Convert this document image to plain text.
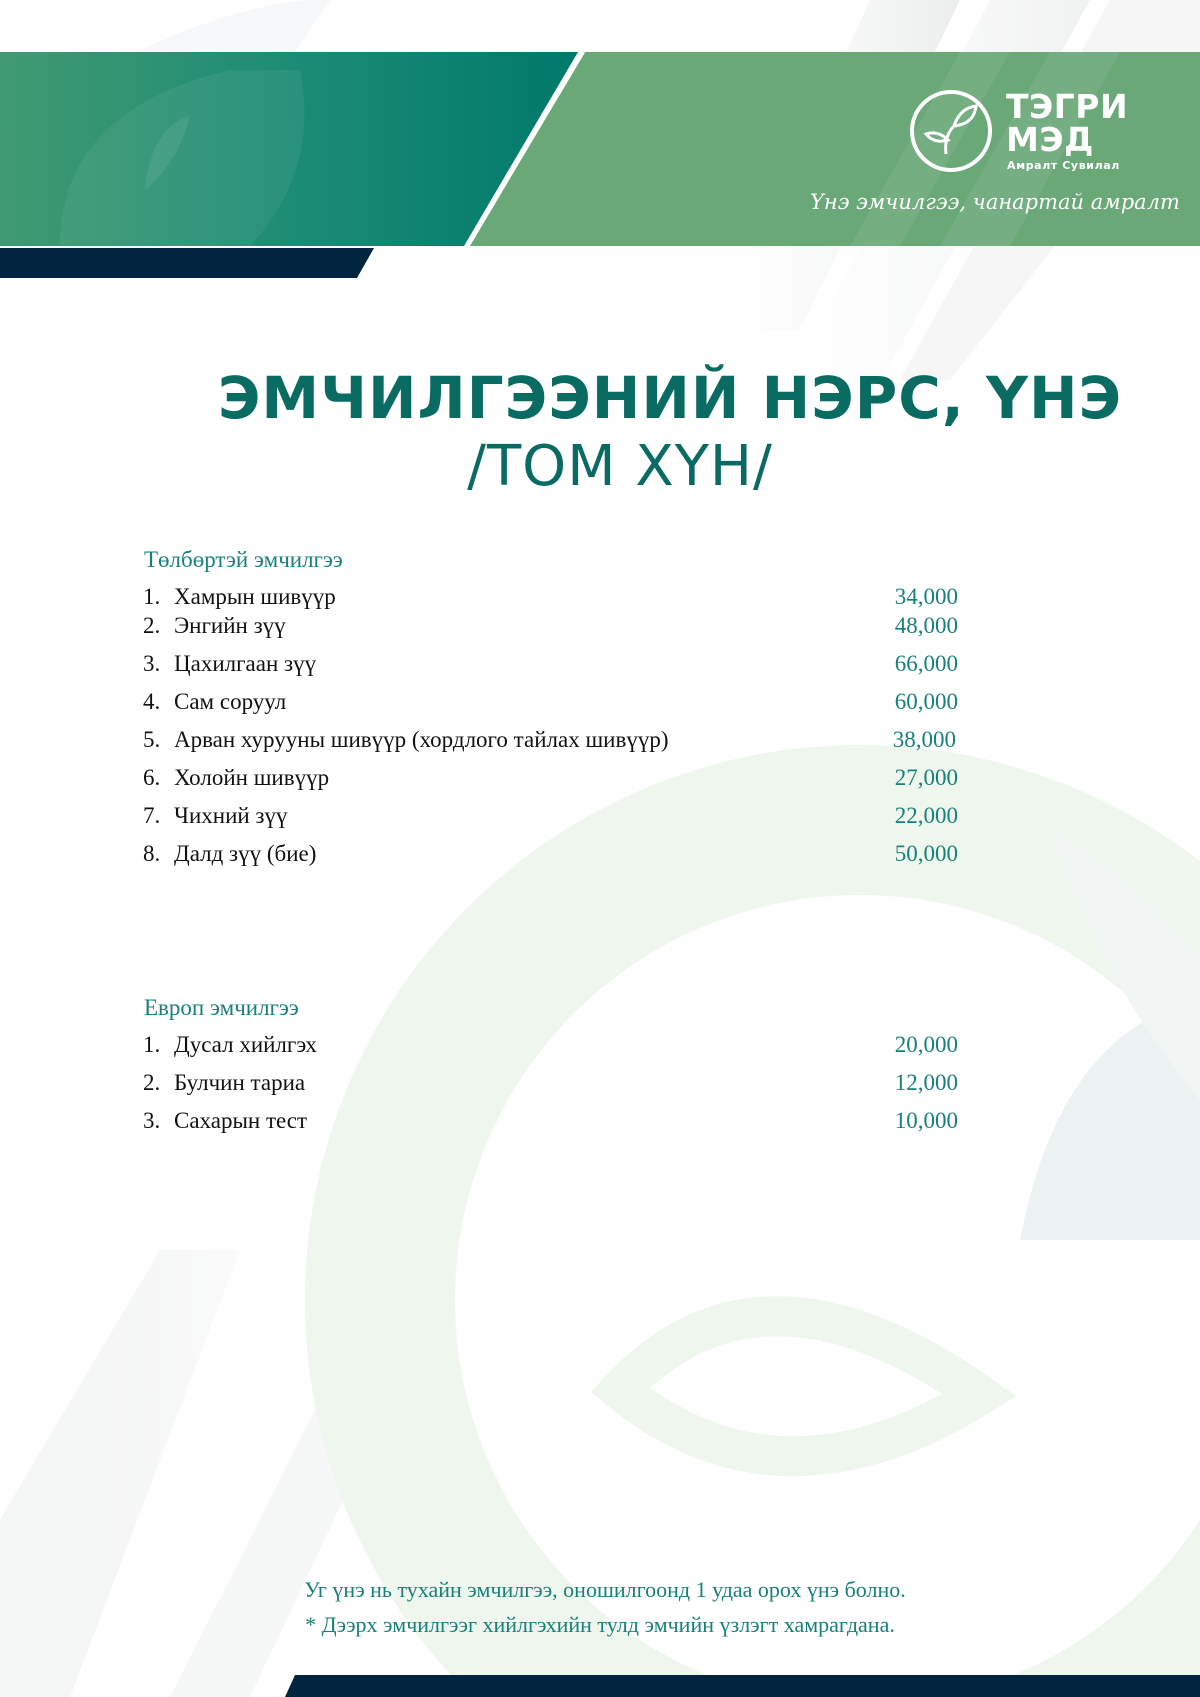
ТЭГРИ
МЭД
Амралт Сувилал
Үнэ эмчилгээ, чанартай амралт
ЭМЧИЛГЭЭНИЙ НЭРС, ҮНЭ
/ТОМ ХҮН/
Төлбөртэй эмчилгээ
1. Хамрын шивүүр	34,000
2. Энгийн зүү	48,000
3. Цахилгаан зүү	66,000
4. Сам соруул	60,000
5. Арван хурууны шивүүр (хордлого тайлах шивүүр)	38,000
6. Холойн шивүүр	27,000
7. Чихний зүү	22,000
8. Далд зүү (бие)	50,000
Европ эмчилгээ
1. Дусал хийлгэх	20,000
2. Булчин тариа	12,000
3. Сахарын тест	10,000
Уг үнэ нь тухайн эмчилгээ, оношилгоонд 1 удаа орох үнэ болно.
* Дээрх эмчилгээг хийлгэхийн тулд эмчийн үзлэгт хамрагдана.
